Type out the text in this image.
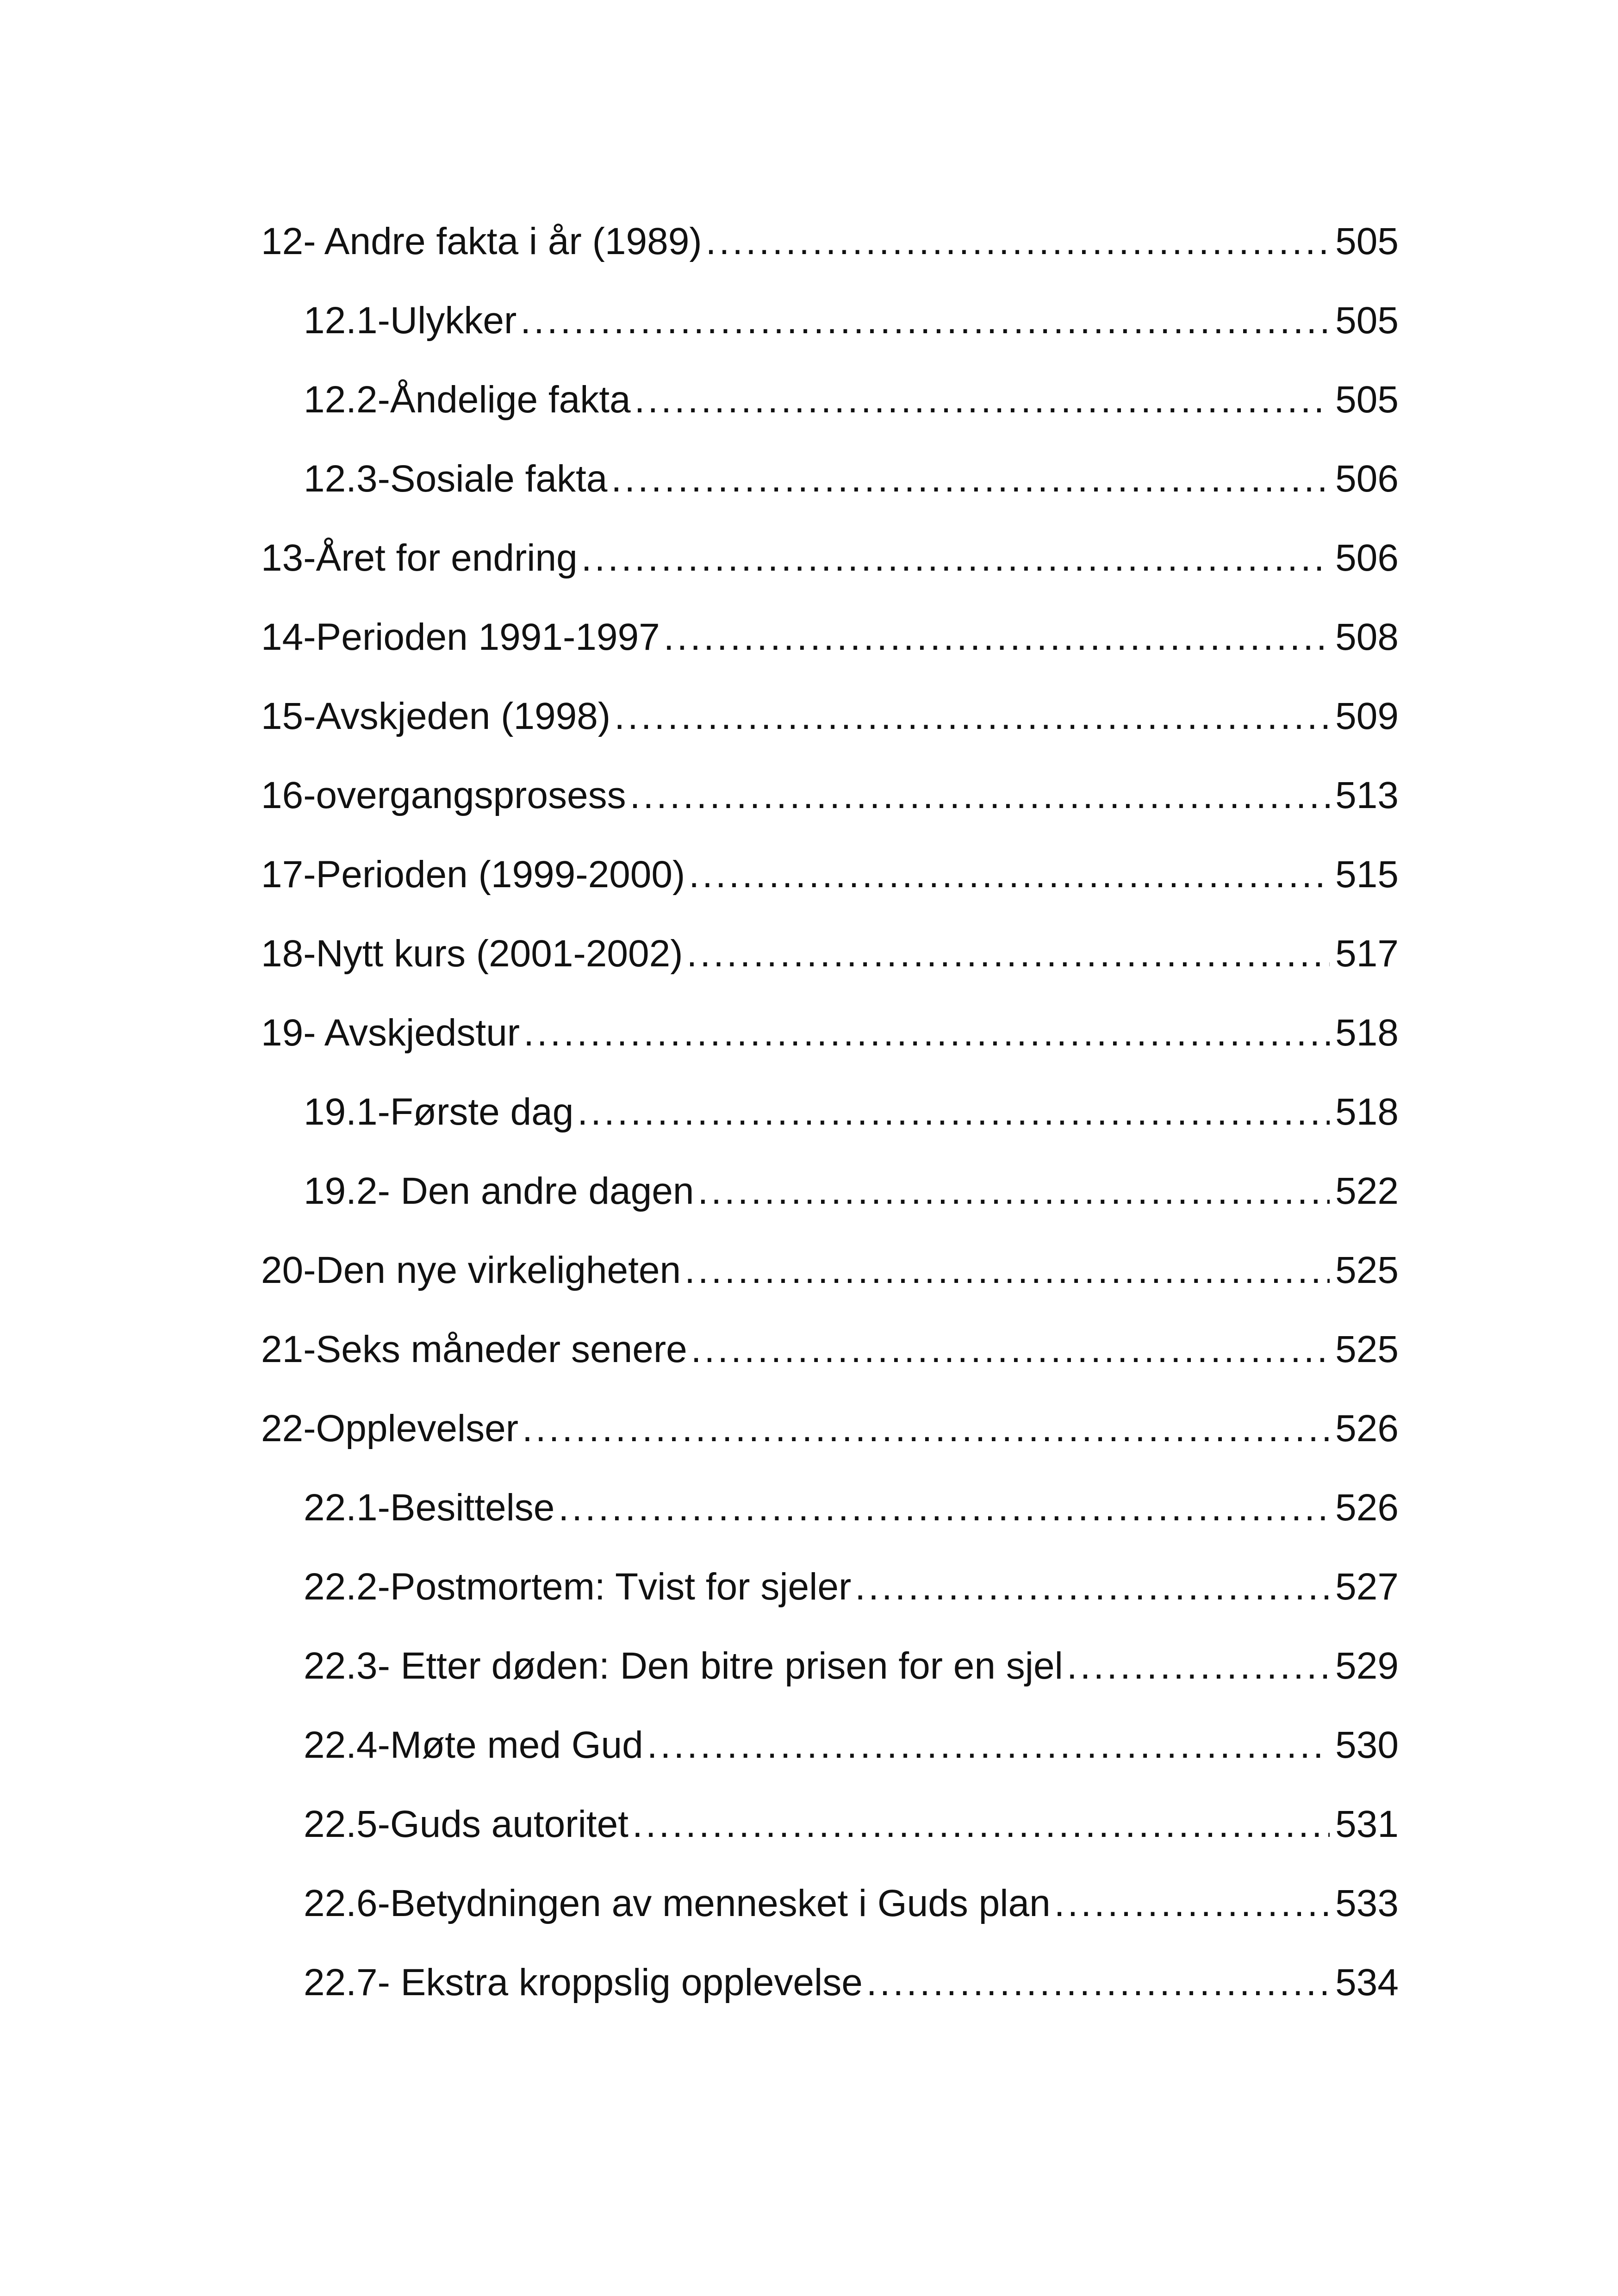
12- Andre fakta i år (1989) .....	505
12.1-Ulykker .....	505
12.2-Åndelige fakta .....	505
12.3-Sosiale fakta .....	506
13-Året for endring .....	506
14-Perioden 1991-1997 .....	508
15-Avskjeden (1998) .....	509
16-overgangsprosess .....	513
17-Perioden (1999-2000) .....	515
18-Nytt kurs (2001-2002) .....	517
19- Avskjedstur .....	518
19.1-Første dag .....	518
19.2- Den andre dagen .....	522
20-Den nye virkeligheten .....	525
21-Seks måneder senere .....	525
22-Opplevelser .....	526
22.1-Besittelse .....	526
22.2-Postmortem: Tvist for sjeler .....	527
22.3- Etter døden: Den bitre prisen for en sjel .....	529
22.4-Møte med Gud .....	530
22.5-Guds autoritet .....	531
22.6-Betydningen av mennesket i Guds plan .....	533
22.7- Ekstra kroppslig opplevelse .....	534
